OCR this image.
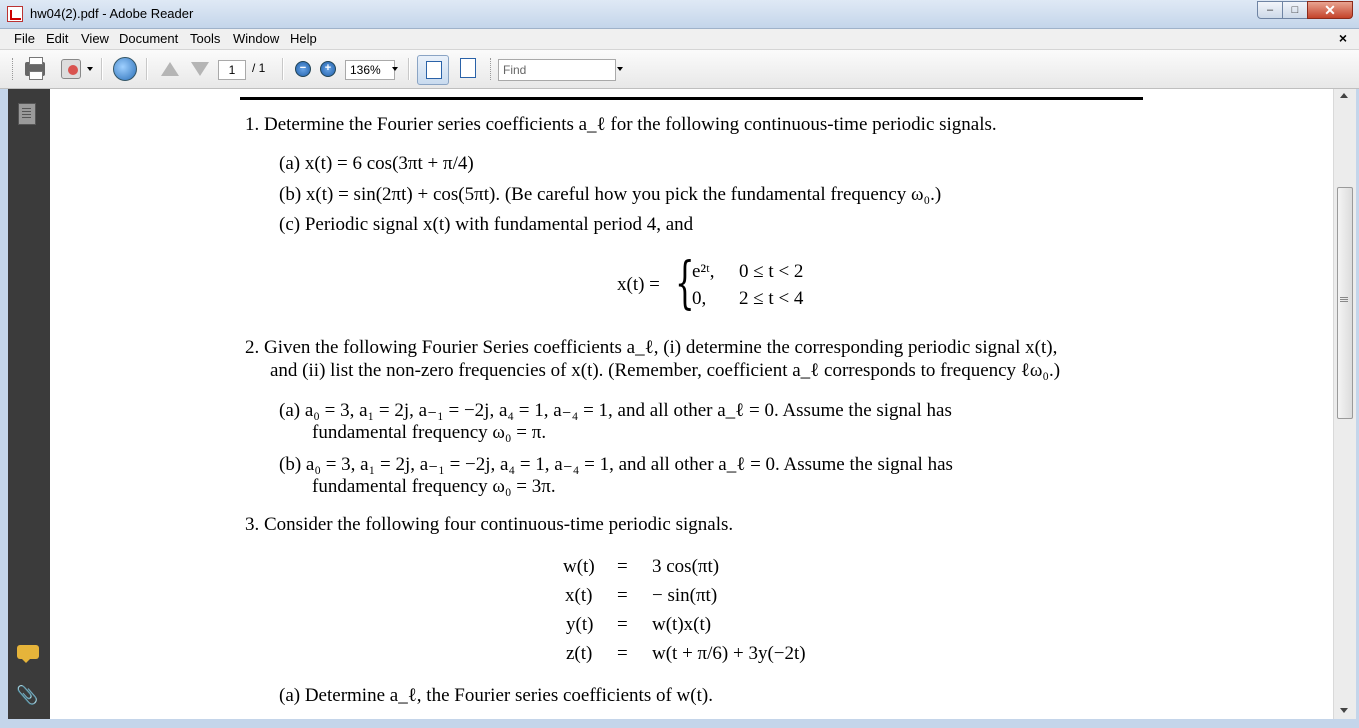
hw04(2).pdf - Adobe Reader	–	□	✕
File Edit View Document Tools Window Help	×
1	/ 1	−	+	136%	Find
📎
1. Determine the Fourier series coefficients a_ℓ for the following continuous-time periodic signals.
(a) x(t) = 6 cos(3πt + π/4)
(b) x(t) = sin(2πt) + cos(5πt). (Be careful how you pick the fundamental frequency ω₀.)
(c) Periodic signal x(t) with fundamental period 4, and
x(t) = {
e²ᵗ, 0 ≤ t < 2
0, 2 ≤ t < 4
2. Given the following Fourier Series coefficients a_ℓ, (i) determine the corresponding periodic signal x(t),
and (ii) list the non-zero frequencies of x(t). (Remember, coefficient a_ℓ corresponds to frequency ℓω₀.)
(a) a₀ = 3, a₁ = 2j, a₋₁ = −2j, a₄ = 1, a₋₄ = 1, and all other a_ℓ = 0. Assume the signal has
fundamental frequency ω₀ = π.
(b) a₀ = 3, a₁ = 2j, a₋₁ = −2j, a₄ = 1, a₋₄ = 1, and all other a_ℓ = 0. Assume the signal has
fundamental frequency ω₀ = 3π.
3. Consider the following four continuous-time periodic signals.
w(t) = 3 cos(πt)
x(t) = − sin(πt)
y(t) = w(t)x(t)
z(t) = w(t + π/6) + 3y(−2t)
(a) Determine a_ℓ, the Fourier series coefficients of w(t).
